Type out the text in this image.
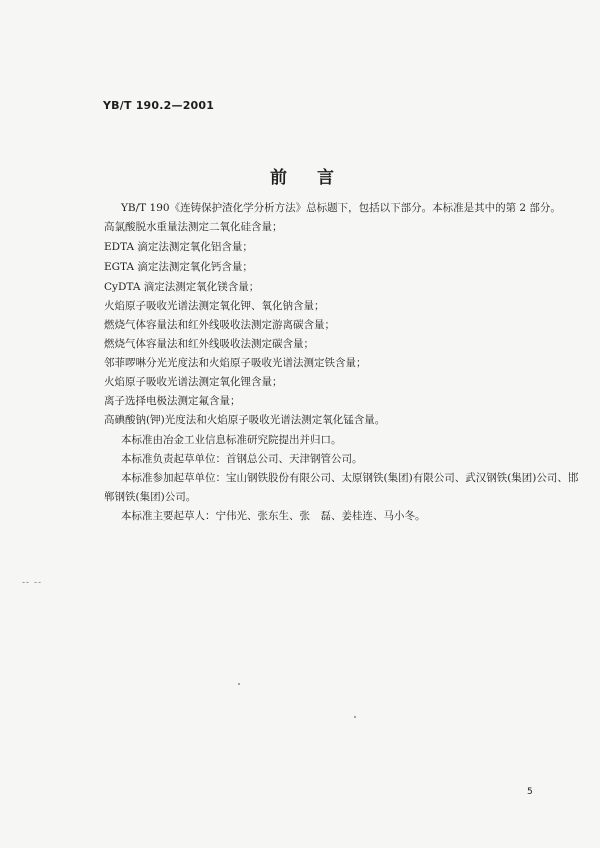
YB/T 190.2—2001
前言
YB/T 190《连铸保护渣化学分析方法》总标题下，包括以下部分。本标准是其中的第 2 部分。
高氯酸脱水重量法测定二氧化硅含量；
EDTA 滴定法测定氧化铝含量；
EGTA 滴定法测定氧化钙含量；
CyDTA 滴定法测定氧化镁含量；
火焰原子吸收光谱法测定氧化钾、氧化钠含量；
燃烧气体容量法和红外线吸收法测定游离碳含量；
燃烧气体容量法和红外线吸收法测定碳含量；
邻菲啰啉分光光度法和火焰原子吸收光谱法测定铁含量；
火焰原子吸收光谱法测定氧化锂含量；
离子选择电极法测定氟含量；
高碘酸钠(钾)光度法和火焰原子吸收光谱法测定氧化锰含量。
本标准由冶金工业信息标准研究院提出并归口。
本标准负责起草单位：首钢总公司、天津钢管公司。
本标准参加起草单位：宝山钢铁股份有限公司、太原钢铁(集团)有限公司、武汉钢铁(集团)公司、邯
郸钢铁(集团)公司。
本标准主要起草人：宁伟光、张东生、张　磊、姜桂连、马小冬。
-- --
5
